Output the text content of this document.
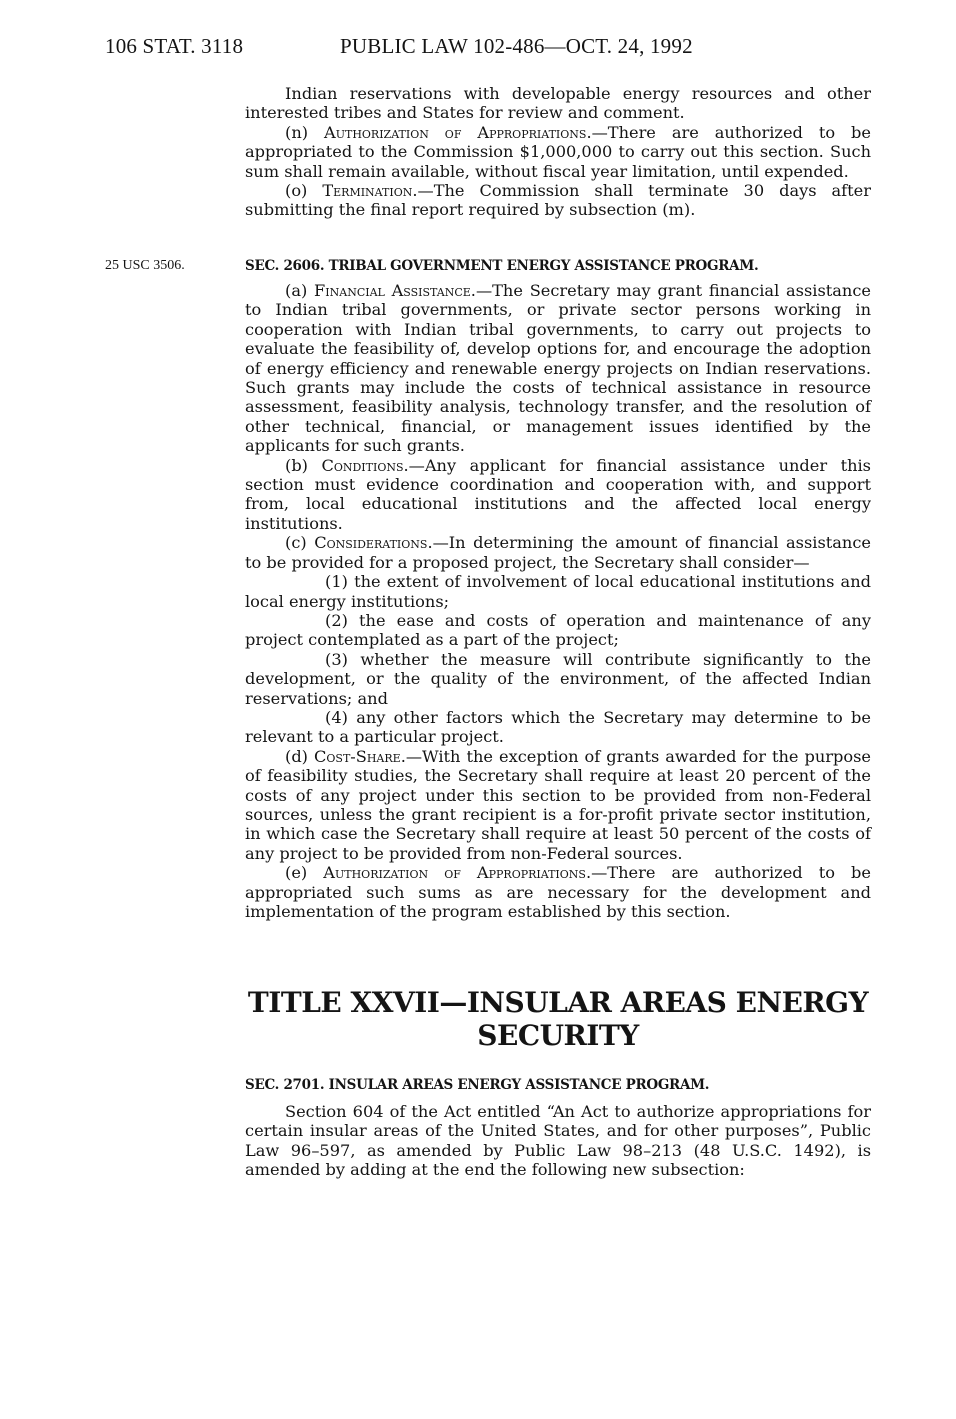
106 STAT. 3118	PUBLIC LAW 102-486—OCT. 24, 1992

Indian reservations with developable energy resources and other interested tribes and States for review and comment.

(n) Authorization of Appropriations.—There are authorized to be appropriated to the Commission $1,000,000 to carry out this section. Such sum shall remain available, without fiscal year limitation, until expended.

(o) Termination.—The Commission shall terminate 30 days after submitting the final report required by subsection (m).

25 USC 3506.	SEC. 2606. TRIBAL GOVERNMENT ENERGY ASSISTANCE PROGRAM.

(a) Financial Assistance.—The Secretary may grant financial assistance to Indian tribal governments, or private sector persons working in cooperation with Indian tribal governments, to carry out projects to evaluate the feasibility of, develop options for, and encourage the adoption of energy efficiency and renewable energy projects on Indian reservations. Such grants may include the costs of technical assistance in resource assessment, feasibility analysis, technology transfer, and the resolution of other technical, financial, or management issues identified by the applicants for such grants.

(b) Conditions.—Any applicant for financial assistance under this section must evidence coordination and cooperation with, and support from, local educational institutions and the affected local energy institutions.

(c) Considerations.—In determining the amount of financial assistance to be provided for a proposed project, the Secretary shall consider—

(1) the extent of involvement of local educational institutions and local energy institutions;

(2) the ease and costs of operation and maintenance of any project contemplated as a part of the project;

(3) whether the measure will contribute significantly to the development, or the quality of the environment, of the affected Indian reservations; and

(4) any other factors which the Secretary may determine to be relevant to a particular project.

(d) Cost-Share.—With the exception of grants awarded for the purpose of feasibility studies, the Secretary shall require at least 20 percent of the costs of any project under this section to be provided from non-Federal sources, unless the grant recipient is a for-profit private sector institution, in which case the Secretary shall require at least 50 percent of the costs of any project to be provided from non-Federal sources.

(e) Authorization of Appropriations.—There are authorized to be appropriated such sums as are necessary for the development and implementation of the program established by this section.

TITLE XXVII—INSULAR AREAS ENERGY
SECURITY
SEC. 2701. INSULAR AREAS ENERGY ASSISTANCE PROGRAM.

Section 604 of the Act entitled “An Act to authorize appropriations for certain insular areas of the United States, and for other purposes”, Public Law 96–597, as amended by Public Law 98–213 (48 U.S.C. 1492), is amended by adding at the end the following new subsection:
